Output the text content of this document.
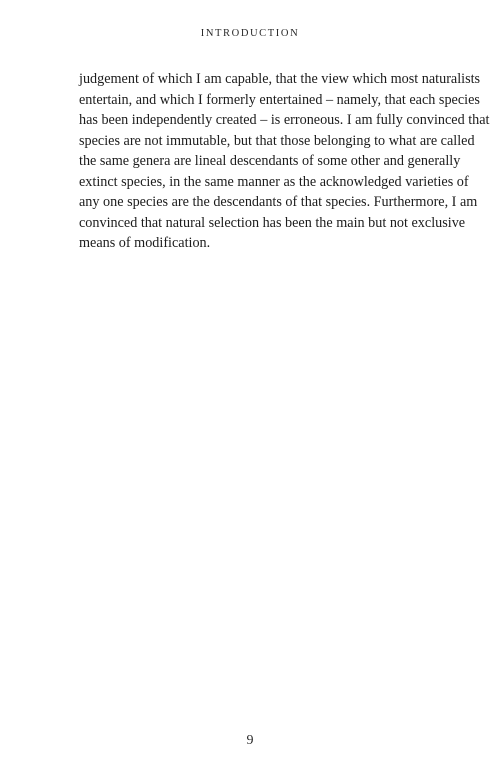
INTRODUCTION

judgement of which I am capable, that the view which most naturalists
entertain, and which I formerly entertained – namely, that each species
has been independently created – is erroneous. I am fully convinced that
species are not immutable, but that those belonging to what are called
the same genera are lineal descendants of some other and generally
extinct species, in the same manner as the acknowledged varieties of
any one species are the descendants of that species. Furthermore, I am
convinced that natural selection has been the main but not exclusive
means of modification.

9
